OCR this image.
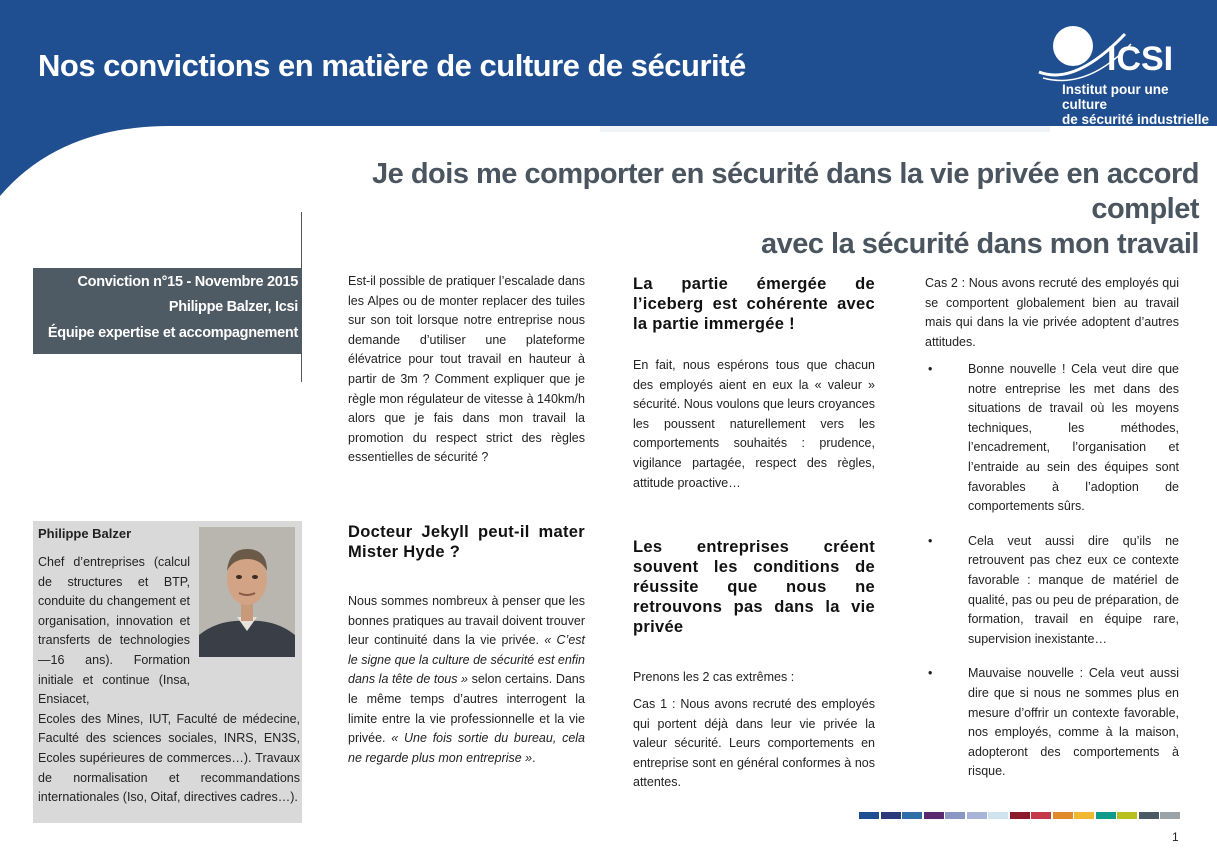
Nos convictions en matière de culture de sécurité	ICSI
Institut pour une culture
de sécurité industrielle
Je dois me comporter en sécurité dans la vie privée en accord complet
avec la sécurité dans mon travail
Conviction n°15 - Novembre 2015
Philippe Balzer, Icsi
Équipe expertise et accompagnement
Philippe Balzer
Chef d’entreprises (calcul de structures et BTP, conduite du changement et organisation, innovation et transferts de technologies—16 ans). Formation initiale et continue (Insa, Ensiacet,
Ecoles des Mines, IUT, Faculté de médecine, Faculté des sciences sociales, INRS, EN3S, Ecoles supérieures de commerces…). Travaux de normalisation et recommandations internationales (Iso, Oitaf, directives cadres…).
Est-il possible de pratiquer l’escalade dans les Alpes ou de monter replacer des tuiles sur son toit lorsque notre entreprise nous demande d’utiliser une plateforme élévatrice pour tout travail en hauteur à partir de 3m ? Comment expliquer que je règle mon régulateur de vitesse à 140km/h alors que je fais dans mon travail la promotion du respect strict des règles essentielles de sécurité ?
Docteur Jekyll peut-il mater Mister Hyde ?
Nous sommes nombreux à penser que les bonnes pratiques au travail doivent trouver leur continuité dans la vie privée. « C’est le signe que la culture de sécurité est enfin dans la tête de tous » selon certains. Dans le même temps d’autres interrogent la limite entre la vie professionnelle et la vie privée. « Une fois sortie du bureau, cela ne regarde plus mon entreprise ».
La partie émergée de l’iceberg est cohérente avec la partie immergée !
En fait, nous espérons tous que chacun des employés aient en eux la « valeur » sécurité. Nous voulons que leurs croyances les poussent naturellement vers les comportements souhaités : prudence, vigilance partagée, respect des règles, attitude proactive…
Les entreprises créent souvent les conditions de réussite que nous ne retrouvons pas dans la vie privée
Prenons les 2 cas extrêmes :
Cas 1 : Nous avons recruté des employés qui portent déjà dans leur vie privée la valeur sécurité. Leurs comportements en entreprise sont en général conformes à nos attentes.
Cas 2 : Nous avons recruté des employés qui se comportent globalement bien au travail mais qui dans la vie privée adoptent d’autres attitudes.
•	Bonne nouvelle ! Cela veut dire que notre entreprise les met dans des situations de travail où les moyens techniques, les méthodes, l’encadrement, l’organisation et l’entraide au sein des équipes sont favorables à l’adoption de comportements sûrs.
•	Cela veut aussi dire qu’ils ne retrouvent pas chez eux ce contexte favorable : manque de matériel de qualité, pas ou peu de préparation, de formation, travail en équipe rare, supervision inexistante…
•	Mauvaise nouvelle : Cela veut aussi dire que si nous ne sommes plus en mesure d’offrir un contexte favorable, nos employés, comme à la maison, adopteront des comportements à risque.
1
